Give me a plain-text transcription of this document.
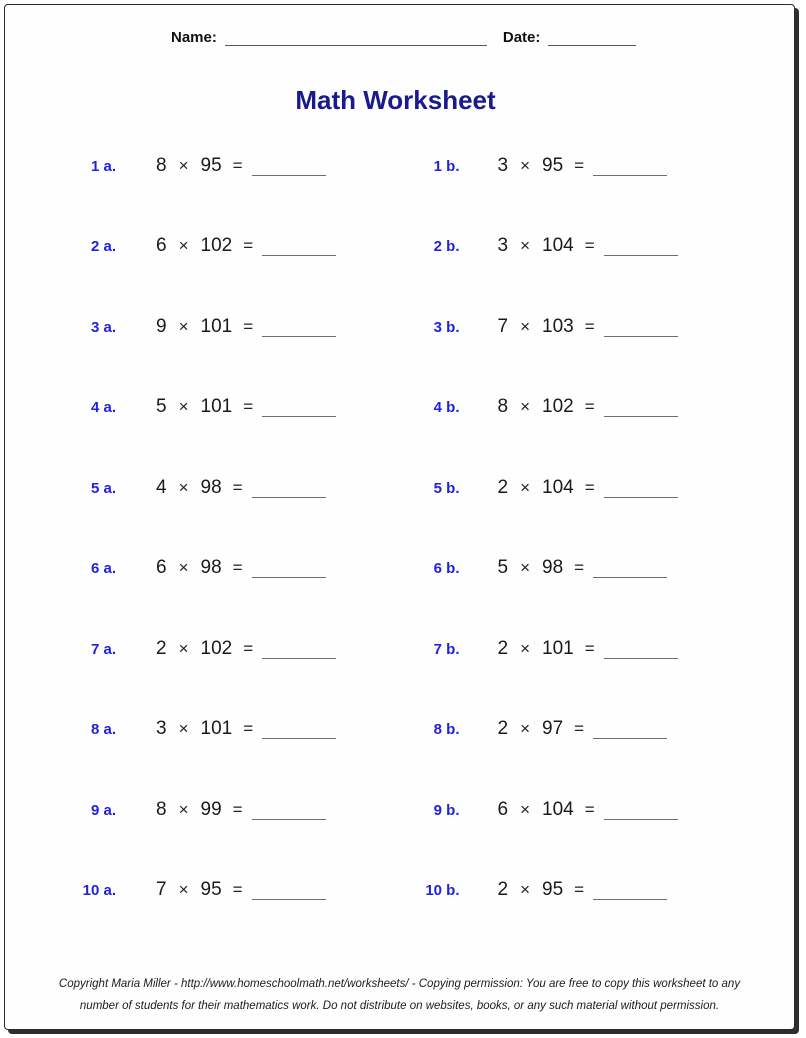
Name:	Date:
Math Worksheet
1 a. 8 × 95 =	1 b. 3 × 95 =
2 a. 6 × 102 =	2 b. 3 × 104 =
3 a. 9 × 101 =	3 b. 7 × 103 =
4 a. 5 × 101 =	4 b. 8 × 102 =
5 a. 4 × 98 =	5 b. 2 × 104 =
6 a. 6 × 98 =	6 b. 5 × 98 =
7 a. 2 × 102 =	7 b. 2 × 101 =
8 a. 3 × 101 =	8 b. 2 × 97 =
9 a. 8 × 99 =	9 b. 6 × 104 =
10 a. 7 × 95 =	10 b. 2 × 95 =
Copyright Maria Miller - http://www.homeschoolmath.net/worksheets/ - Copying permission: You are free to copy this worksheet to any
number of students for their mathematics work. Do not distribute on websites, books, or any such material without permission.
